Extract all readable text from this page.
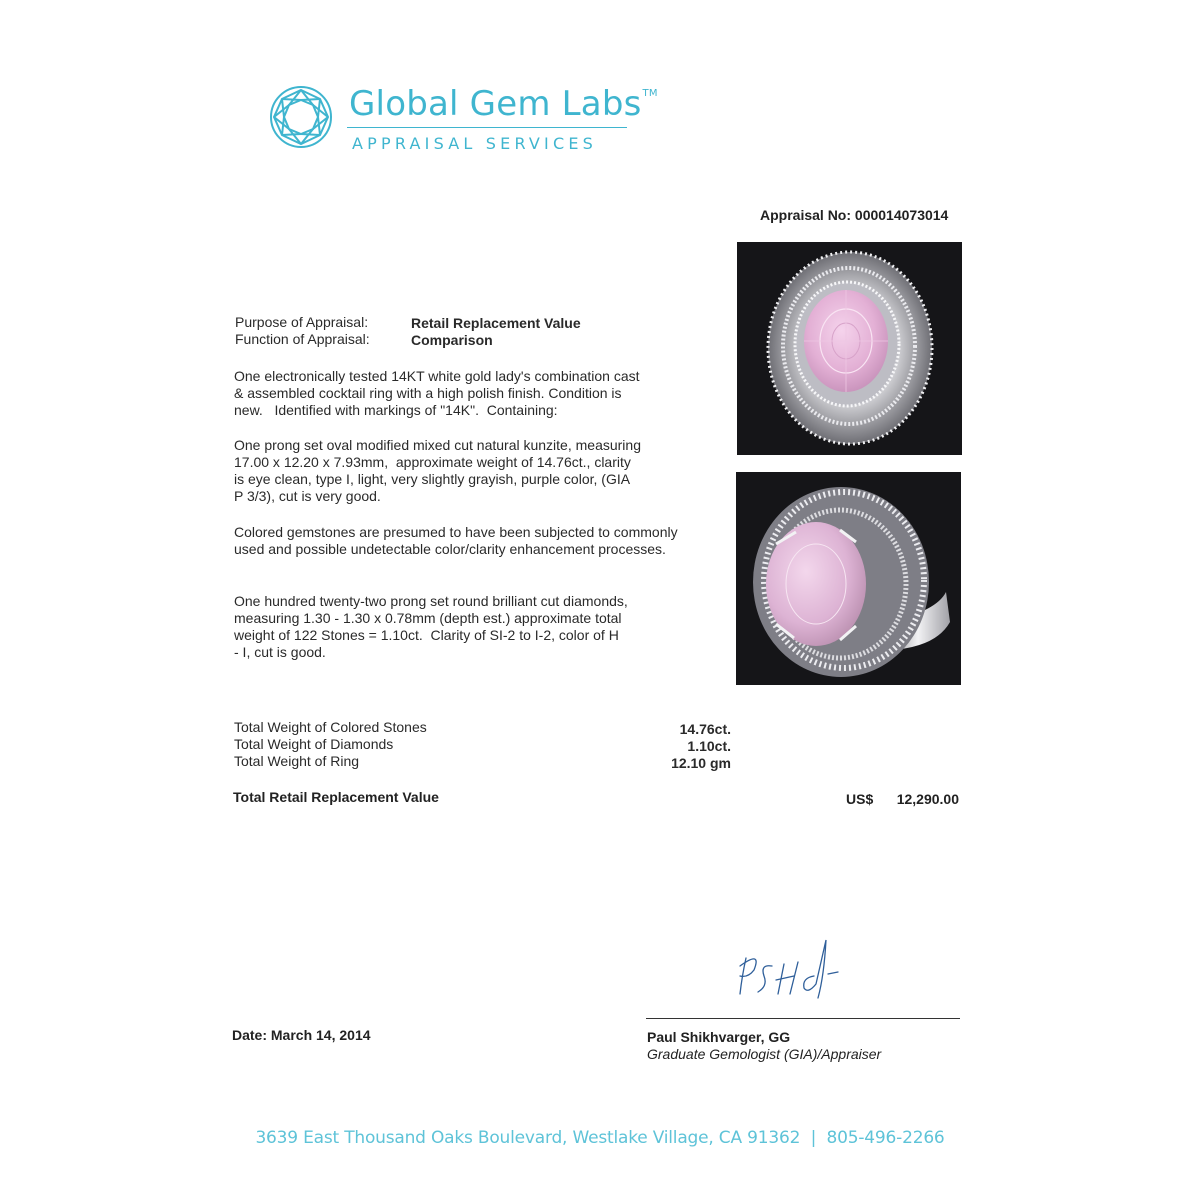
Global Gem Labs™
APPRAISAL SERVICES
Appraisal No: 000014073014
Purpose of Appraisal:	Retail Replacement Value
Function of Appraisal:	Comparison
One electronically tested 14KT white gold lady's combination cast
& assembled cocktail ring with a high polish finish. Condition is
new.   Identified with markings of "14K".  Containing:
One prong set oval modified mixed cut natural kunzite, measuring
17.00 x 12.20 x 7.93mm,  approximate weight of 14.76ct., clarity
is eye clean, type I, light, very slightly grayish, purple color, (GIA
P 3/3), cut is very good.
Colored gemstones are presumed to have been subjected to commonly
used and possible undetectable color/clarity enhancement processes.
One hundred twenty-two prong set round brilliant cut diamonds,
measuring 1.30 - 1.30 x 0.78mm (depth est.) approximate total
weight of 122 Stones = 1.10ct.  Clarity of SI-2 to I-2, color of H
- I, cut is good.
Total Weight of Colored Stones	14.76ct.
Total Weight of Diamonds	1.10ct.
Total Weight of Ring	12.10 gm
Total Retail Replacement Value	US$ 12,290.00
Date: March 14, 2014	Paul Shikhvarger, GG
Graduate Gemologist (GIA)/Appraiser
3639 East Thousand Oaks Boulevard, Westlake Village, CA 91362  |  805-496-2266
